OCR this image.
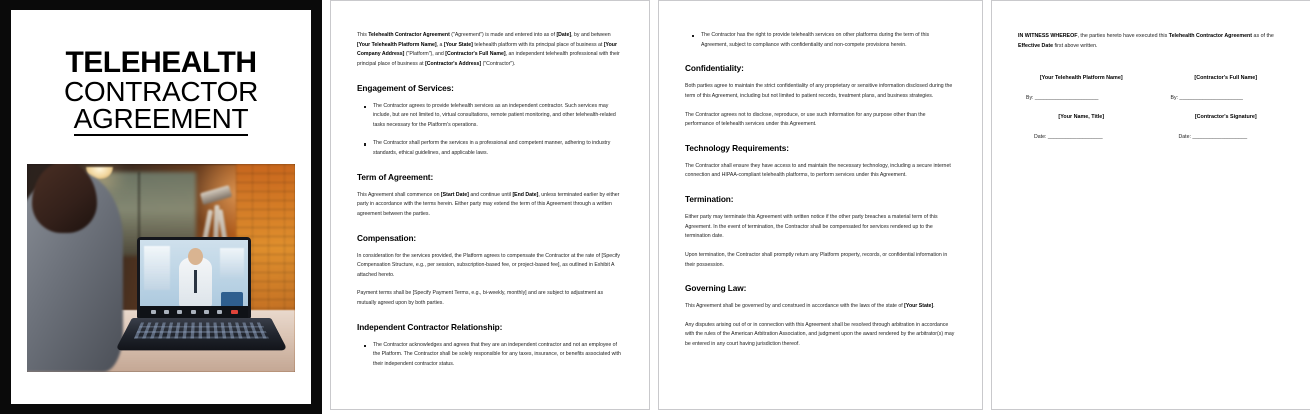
TELEHEALTH
CONTRACTOR
AGREEMENT

This Telehealth Contractor Agreement ("Agreement") is made and entered into as of [Date], by and between [Your Telehealth Platform Name], a [Your State] telehealth platform with its principal place of business at [Your Company Address] ("Platform"), and [Contractor's Full Name], an independent telehealth professional with their principal place of business at [Contractor's Address] ("Contractor").

Engagement of Services:
The Contractor agrees to provide telehealth services as an independent contractor. Such services may include, but are not limited to, virtual consultations, remote patient monitoring, and other telehealth-related tasks necessary for the Platform's operations.
The Contractor shall perform the services in a professional and competent manner, adhering to industry standards, ethical guidelines, and applicable laws.
Term of Agreement:

This Agreement shall commence on [Start Date] and continue until [End Date], unless terminated earlier by either party in accordance with the terms herein. Either party may extend the term of this Agreement through a written agreement between the parties.

Compensation:

In consideration for the services provided, the Platform agrees to compensate the Contractor at the rate of [Specify Compensation Structure, e.g., per session, subscription-based fee, or project-based fee], as outlined in Exhibit A attached hereto.

Payment terms shall be [Specify Payment Terms, e.g., bi-weekly, monthly] and are subject to adjustment as mutually agreed upon by both parties.

Independent Contractor Relationship:
The Contractor acknowledges and agrees that they are an independent contractor and not an employee of the Platform. The Contractor shall be solely responsible for any taxes, insurance, or benefits associated with their independent contractor status.
The Contractor has the right to provide telehealth services on other platforms during the term of this Agreement, subject to compliance with confidentiality and non-compete provisions herein.
Confidentiality:

Both parties agree to maintain the strict confidentiality of any proprietary or sensitive information disclosed during the term of this Agreement, including but not limited to patient records, treatment plans, and business strategies.

The Contractor agrees not to disclose, reproduce, or use such information for any purpose other than the performance of telehealth services under this Agreement.

Technology Requirements:

The Contractor shall ensure they have access to and maintain the necessary technology, including a secure internet connection and HIPAA-compliant telehealth platforms, to perform services under this Agreement.

Termination:

Either party may terminate this Agreement with written notice if the other party breaches a material term of this Agreement. In the event of termination, the Contractor shall be compensated for services rendered up to the termination date.

Upon termination, the Contractor shall promptly return any Platform property, records, or confidential information in their possession.

Governing Law:

This Agreement shall be governed by and construed in accordance with the laws of the state of [Your State].

Any disputes arising out of or in connection with this Agreement shall be resolved through arbitration in accordance with the rules of the American Arbitration Association, and judgment upon the award rendered by the arbitrator(s) may be entered in any court having jurisdiction thereof.

IN WITNESS WHEREOF, the parties hereto have executed this Telehealth Contractor Agreement as of the Effective Date first above written.

[Your Telehealth Platform Name]
By: ______________________
[Your Name, Title]
Date: ___________________
[Contractor's Full Name]
By: ______________________
[Contractor's Signature]
Date: ___________________
